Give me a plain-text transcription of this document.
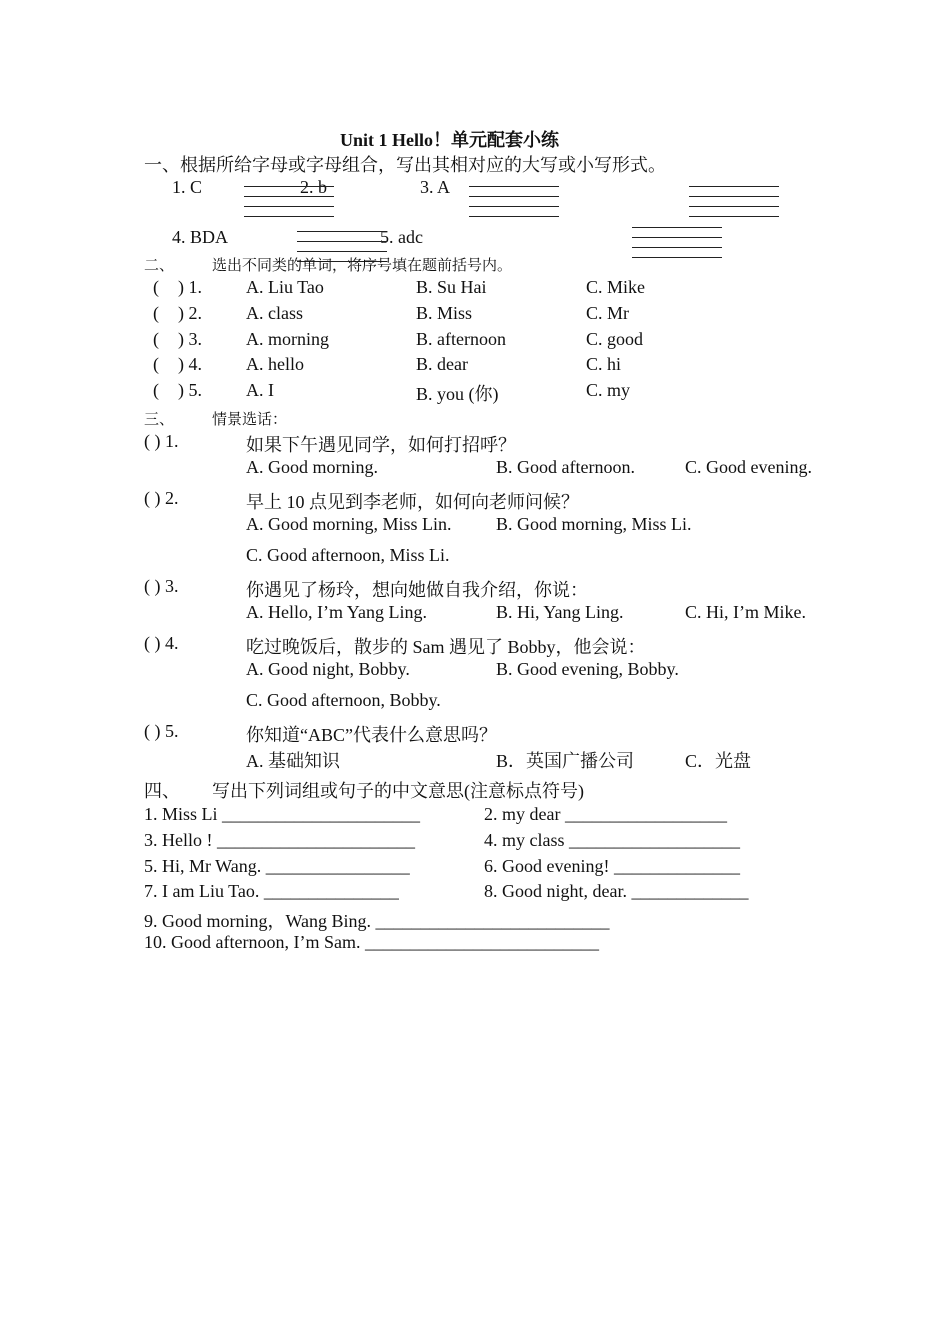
Unit 1 Hello！单元配套小练
一、根据所给字母或字母组合，写出其相对应的大写或小写形式。
1. C	2. b	3. A
4. BDA	5. adc
二、	选出不同类的单词，将序号填在题前括号内。
( ) 1. A. Liu Tao	B. Su Hai	C. Mike
( ) 2. A. class	B. Miss	C. Mr
( ) 3. A. morning	B. afternoon	C. good
( ) 4. A. hello	B. dear	C. hi
( ) 5. A. I	B. you (你)	C. my
三、	情景选话：
( ) 1.	如果下午遇见同学，如何打招呼？
A. Good morning.	B. Good afternoon.	C. Good evening.
( ) 2.	早上 10 点见到李老师，如何向老师问候？
A. Good morning, Miss Lin. B. Good morning, Miss Li.
C. Good afternoon, Miss Li.
( ) 3.	你遇见了杨玲，想向她做自我介绍，你说：
A. Hello, I’m Yang Ling.	B. Hi, Yang Ling.	C. Hi, I’m Mike.
( ) 4.	吃过晚饭后，散步的 Sam 遇见了 Bobby，他会说：
A. Good night, Bobby.	B. Good evening, Bobby.
C. Good afternoon, Bobby.
( ) 5.	你知道“ABC”代表什么意思吗？
A. 基础知识	B．英国广播公司	C．光盘
四、 写出下列词组或句子的中文意思(注意标点符号)
1. Miss Li ______________________	2. my dear __________________
3. Hello ! ______________________	4. my class ___________________
5. Hi, Mr Wang. ________________	6. Good evening! ______________
7. I am Liu Tao. _______________	8. Good night, dear. _____________
9. Good morning，Wang Bing. __________________________
10. Good afternoon, I’m Sam. __________________________
